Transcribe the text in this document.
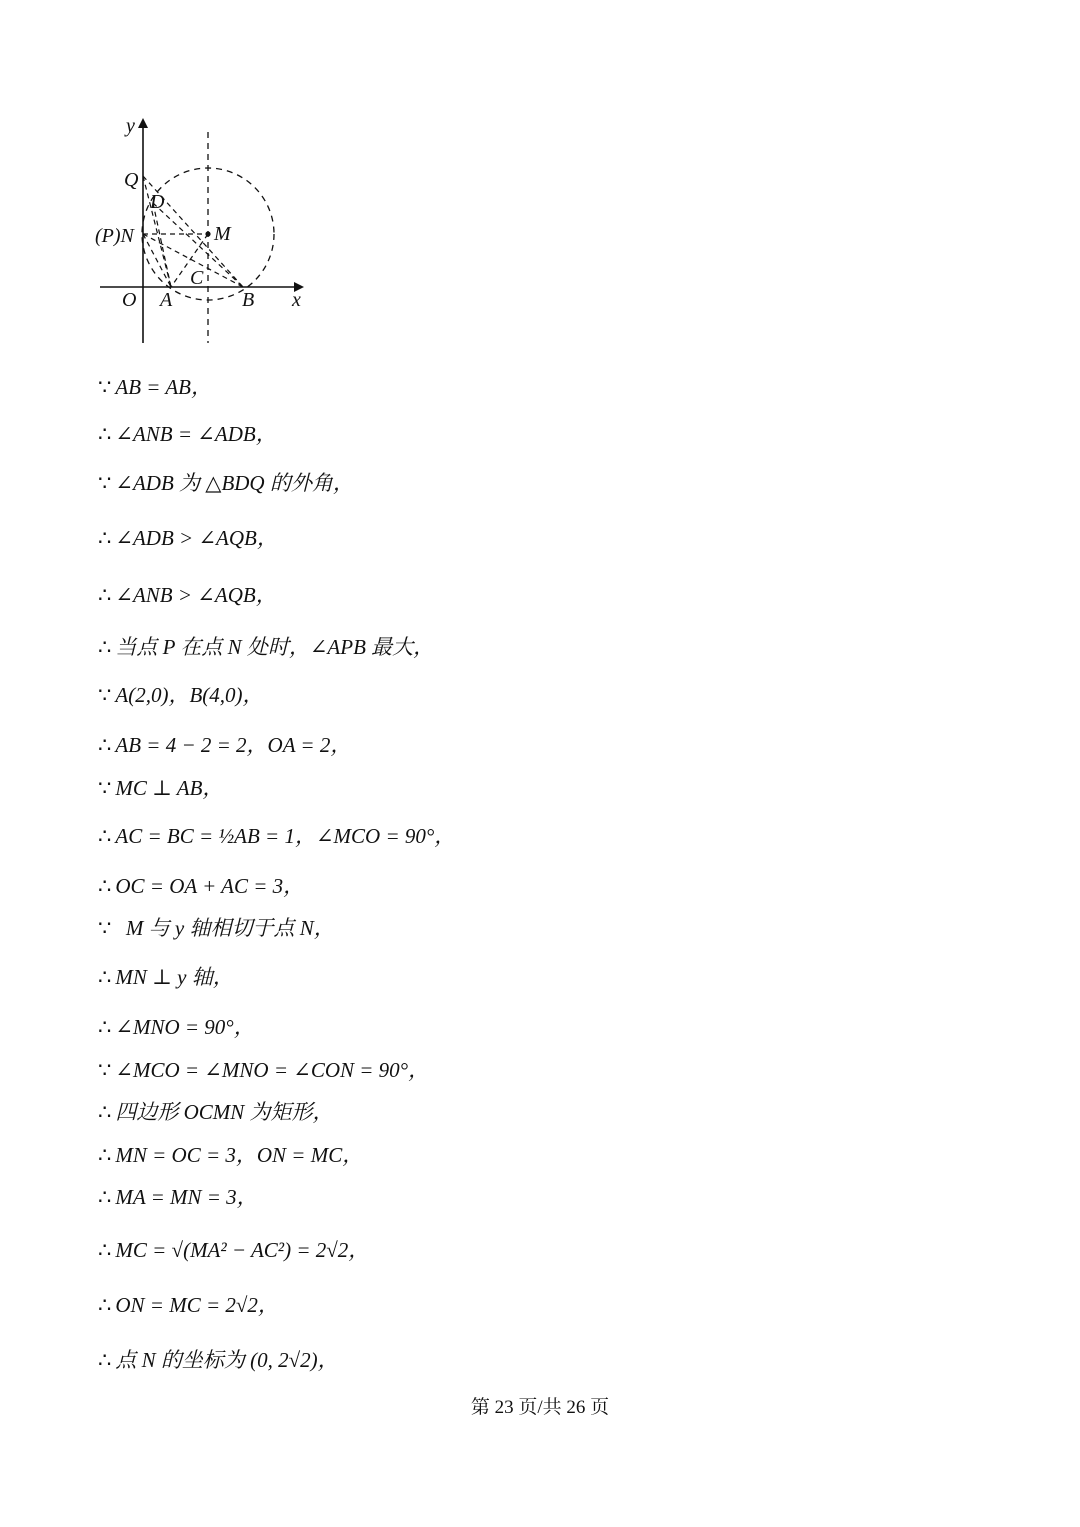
y
Q
D
(P)N	M
C
O A	B x
∵ AB = AB，
∴ ∠ANB = ∠ADB，
∵ ∠ADB 为 △BDQ 的外角，
∴ ∠ADB > ∠AQB，
∴ ∠ANB > ∠AQB，
∴ 当点 P 在点 N 处时，∠APB 最大，
∵ A(2,0)，B(4,0)，
∴ AB = 4 − 2 = 2，OA = 2，
∵ MC ⊥ AB，
∴ AC = BC = ½AB = 1，∠MCO = 90°，
∴ OC = OA + AC = 3，
∵  M 与 y 轴相切于点 N，
∴ MN ⊥ y 轴，
∴ ∠MNO = 90°，
∵ ∠MCO = ∠MNO = ∠CON = 90°，
∴ 四边形 OCMN 为矩形，
∴ MN = OC = 3，ON = MC，
∴ MA = MN = 3，
∴ MC = √(MA² − AC²) = 2√2，
∴ ON = MC = 2√2，
∴ 点 N 的坐标为 (0, 2√2)，
第 23 页/共 26 页
